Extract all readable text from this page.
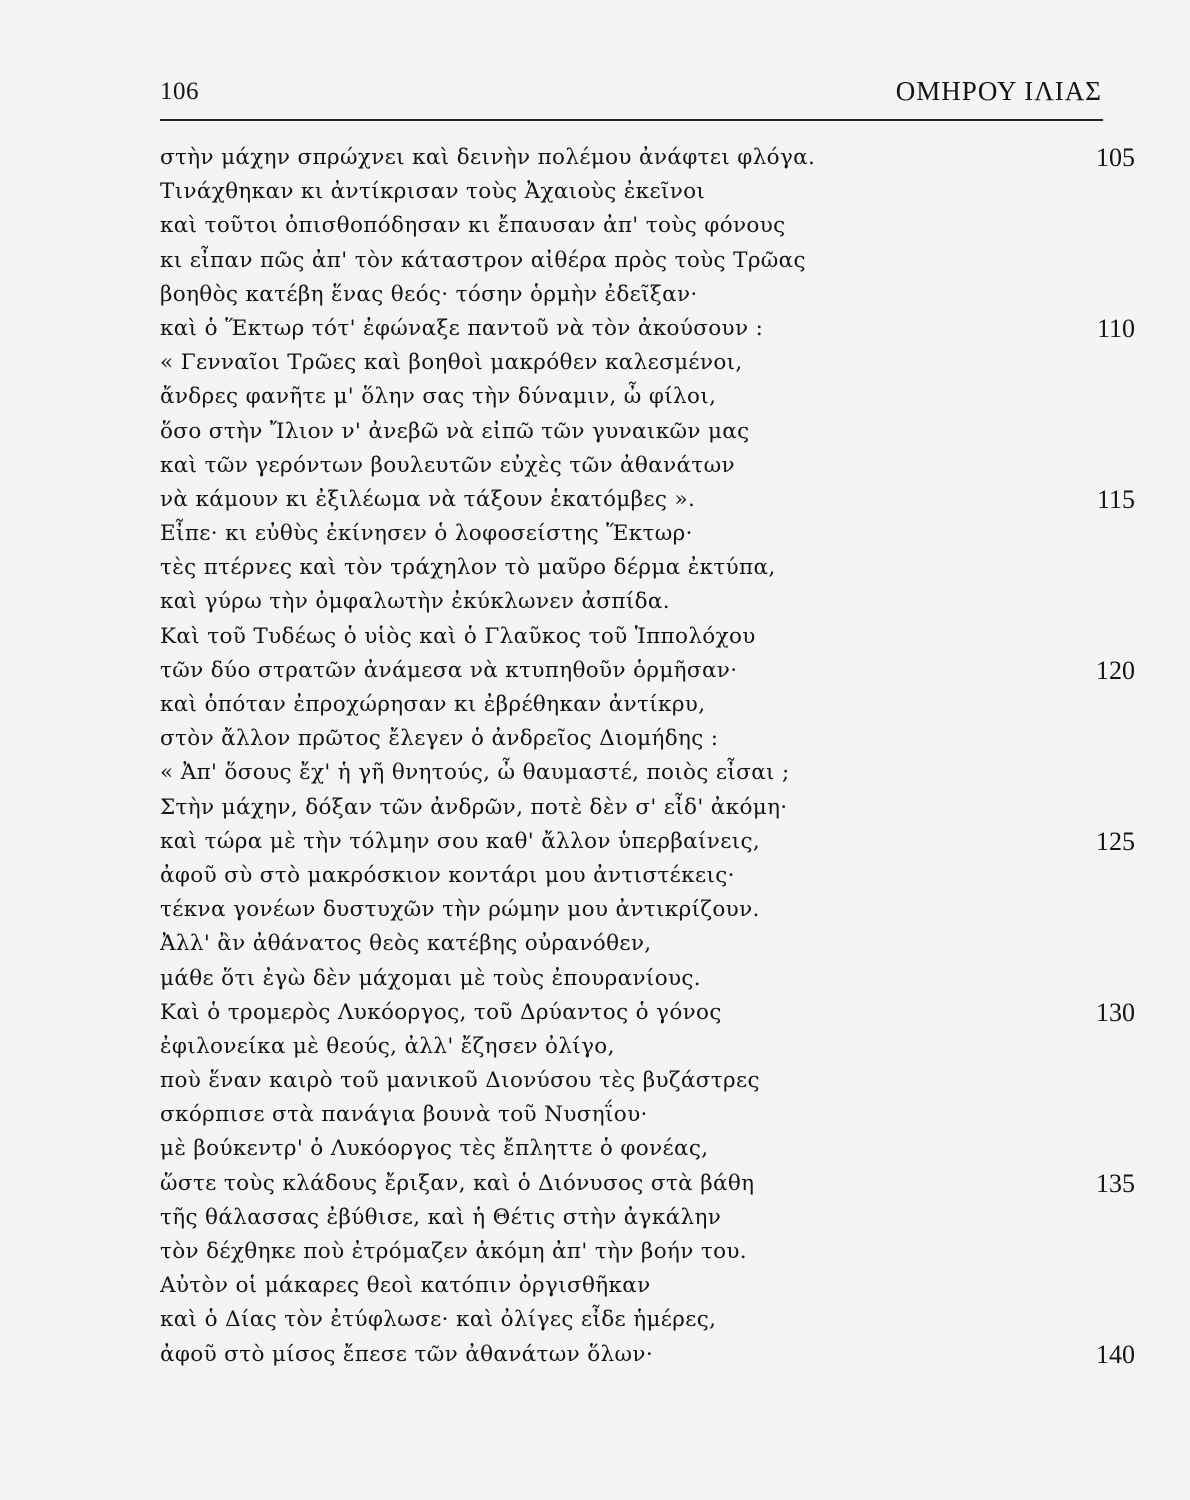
106	ΟΜΗΡΟΥ ΙΛΙΑΣ
στὴν μάχην σπρώχνει καὶ δεινὴν πολέμου ἀνάφτει φλόγα.	105
Τινάχθηκαν κι ἀντίκρισαν τοὺς Ἀχαιοὺς ἐκεῖνοι
καὶ τοῦτοι ὀπισθοπόδησαν κι ἔπαυσαν ἀπ' τοὺς φόνους
κι εἶπαν πῶς ἀπ' τὸν κάταστρον αἰθέρα πρὸς τοὺς Τρῶας
βοηθὸς κατέβη ἕνας θεός· τόσην ὁρμὴν ἐδεῖξαν·
καὶ ὁ Ἕκτωρ τότ' ἐφώναξε παντοῦ νὰ τὸν ἀκούσουν :	110
« Γενναῖοι Τρῶες καὶ βοηθοὶ μακρόθεν καλεσμένοι,
ἄνδρες φανῆτε μ' ὅλην σας τὴν δύναμιν, ὦ φίλοι,
ὅσο στὴν Ἴλιον ν' ἀνεβῶ νὰ εἰπῶ τῶν γυναικῶν μας
καὶ τῶν γερόντων βουλευτῶν εὐχὲς τῶν ἀθανάτων
νὰ κάμουν κι ἐξιλέωμα νὰ τάξουν ἑκατόμβες ».	115
Εἶπε· κι εὐθὺς ἐκίνησεν ὁ λοφοσείστης Ἕκτωρ·
τὲς πτέρνες καὶ τὸν τράχηλον τὸ μαῦρο δέρμα ἐκτύπα,
καὶ γύρω τὴν ὀμφαλωτὴν ἐκύκλωνεν ἀσπίδα.
Καὶ τοῦ Τυδέως ὁ υἱὸς καὶ ὁ Γλαῦκος τοῦ Ἱππολόχου
τῶν δύο στρατῶν ἀνάμεσα νὰ κτυπηθοῦν ὁρμῆσαν·	120
καὶ ὁπόταν ἐπροχώρησαν κι ἐβρέθηκαν ἀντίκρυ,
στὸν ἄλλον πρῶτος ἔλεγεν ὁ ἀνδρεῖος Διομήδης :
« Ἀπ' ὅσους ἔχ' ἡ γῆ θνητούς, ὦ θαυμαστέ, ποιὸς εἶσαι ;
Στὴν μάχην, δόξαν τῶν ἀνδρῶν, ποτὲ δὲν σ' εἶδ' ἀκόμη·
καὶ τώρα μὲ τὴν τόλμην σου καθ' ἄλλον ὑπερβαίνεις,	125
ἀφοῦ σὺ στὸ μακρόσκιον κοντάρι μου ἀντιστέκεις·
τέκνα γονέων δυστυχῶν τὴν ρώμην μου ἀντικρίζουν.
Ἀλλ' ἂν ἀθάνατος θεὸς κατέβης οὐρανόθεν,
μάθε ὅτι ἐγὼ δὲν μάχομαι μὲ τοὺς ἐπουρανίους.
Καὶ ὁ τρομερὸς Λυκόοργος, τοῦ Δρύαντος ὁ γόνος	130
ἐφιλονείκα μὲ θεούς, ἀλλ' ἔζησεν ὀλίγο,
ποὺ ἕναν καιρὸ τοῦ μανικοῦ Διονύσου τὲς βυζάστρες
σκόρπισε στὰ πανάγια βουνὰ τοῦ Νυσηΐου·
μὲ βούκεντρ' ὁ Λυκόοργος τὲς ἔπληττε ὁ φονέας,
ὥστε τοὺς κλάδους ἔριξαν, καὶ ὁ Διόνυσος στὰ βάθη	135
τῆς θάλασσας ἐβύθισε, καὶ ἡ Θέτις στὴν ἀγκάλην
τὸν δέχθηκε ποὺ ἐτρόμαζεν ἀκόμη ἀπ' τὴν βοήν του.
Αὐτὸν οἱ μάκαρες θεοὶ κατόπιν ὀργισθῆκαν
καὶ ὁ Δίας τὸν ἐτύφλωσε· καὶ ὀλίγες εἶδε ἡμέρες,
ἀφοῦ στὸ μίσος ἔπεσε τῶν ἀθανάτων ὅλων·	140
